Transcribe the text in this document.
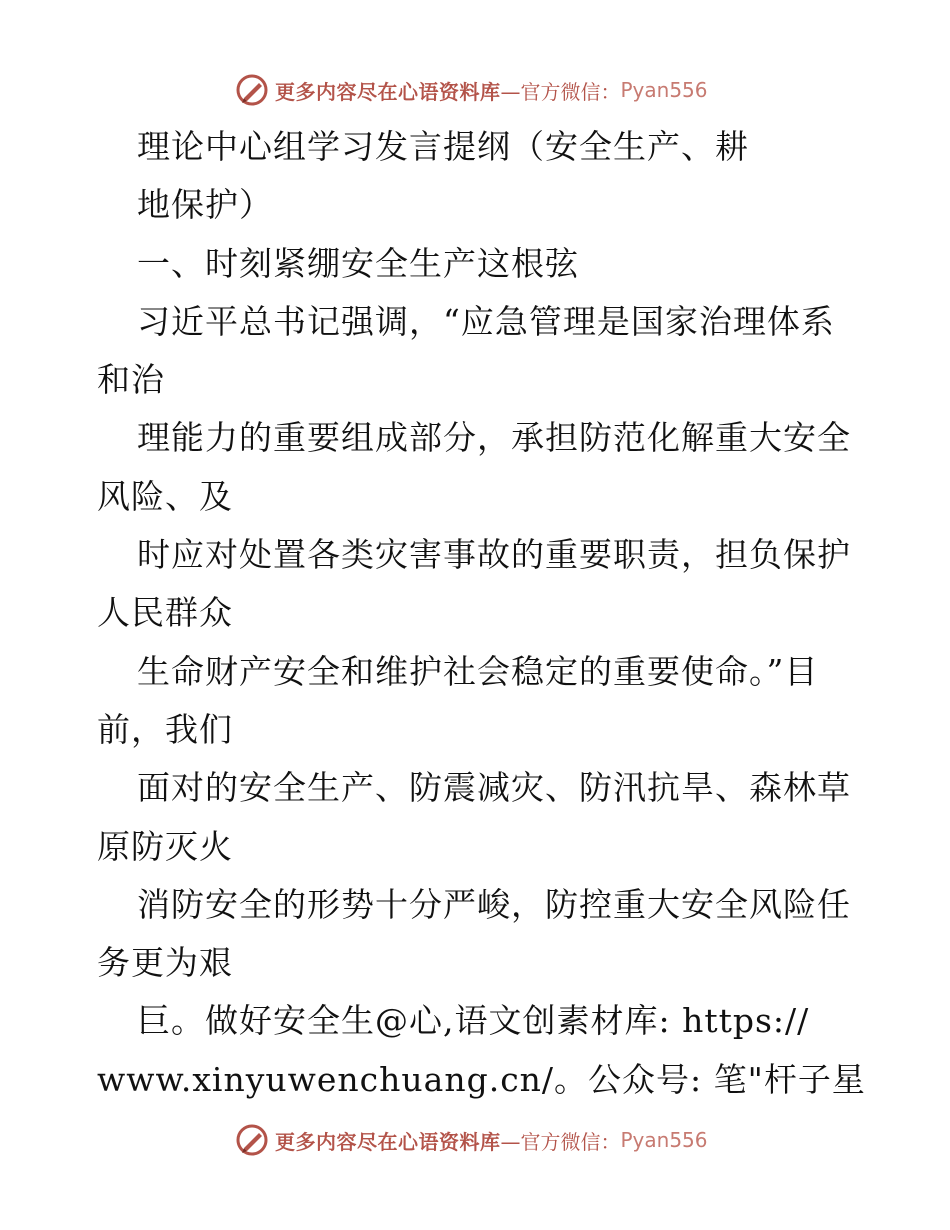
更多内容尽在心语资料库 —官方微信： Pyan556
理论中心组学习发言提纲（安全生产、耕
地保护）
一、时刻紧绷安全生产这根弦
习近平总书记强调，“应急管理是国家治理体系
和治
理能力的重要组成部分，承担防范化解重大安全
风险、及
时应对处置各类灾害事故的重要职责，担负保护
人民群众
生命财产安全和维护社会稳定的重要使命。”目
前，我们
面对的安全生产、防震减灾、防汛抗旱、森林草
原防灭火
消防安全的形势十分严峻，防控重大安全风险任
务更为艰
巨。做好安全生@心,语文创素材库: https://
www.xinyuwenchuang.cn/。公众号: 笔"杆子星
更多内容尽在心语资料库 —官方微信： Pyan556
